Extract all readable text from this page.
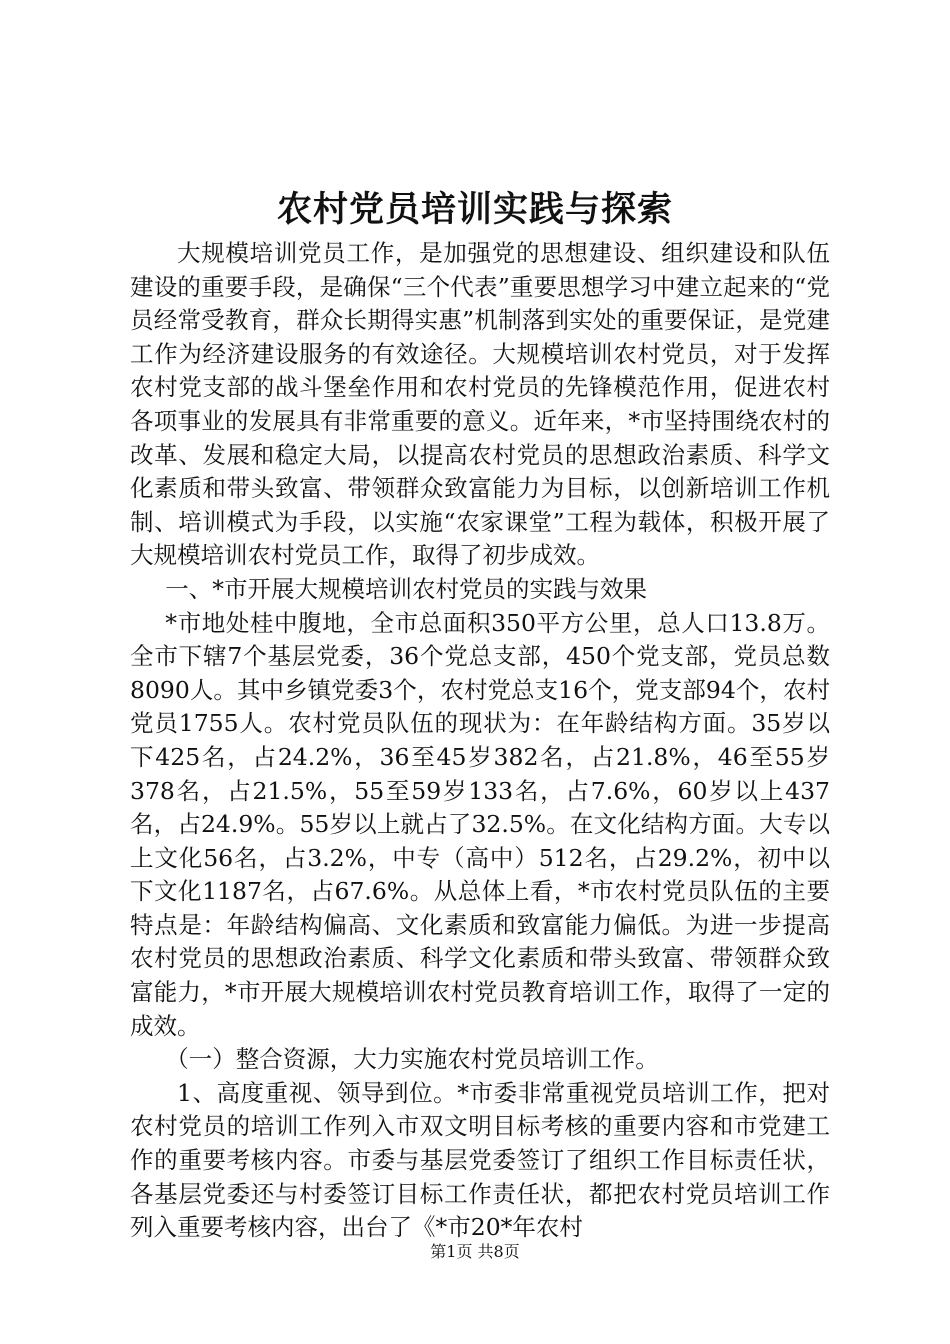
农村党员培训实践与探索

大规模培训党员工作，是加强党的思想建设、组织建设和队伍建设的重要手段，是确保“三个代表”重要思想学习中建立起来的“党员经常受教育，群众长期得实惠”机制落到实处的重要保证，是党建工作为经济建设服务的有效途径。大规模培训农村党员，对于发挥农村党支部的战斗堡垒作用和农村党员的先锋模范作用，促进农村各项事业的发展具有非常重要的意义。近年来，*市坚持围绕农村的改革、发展和稳定大局，以提高农村党员的思想政治素质、科学文化素质和带头致富、带领群众致富能力为目标，以创新培训工作机制、培训模式为手段，以实施“农家课堂”工程为载体，积极开展了大规模培训农村党员工作，取得了初步成效。

一、*市开展大规模培训农村党员的实践与效果

*市地处桂中腹地，全市总面积350平方公里，总人口13.8万。全市下辖7个基层党委，36个党总支部，450个党支部，党员总数8090人。其中乡镇党委3个，农村党总支16个，党支部94个，农村党员1755人。农村党员队伍的现状为：在年龄结构方面。35岁以下425名，占24.2%，36至45岁382名，占21.8%，46至55岁378名，占21.5%，55至59岁133名，占7.6%，60岁以上437名，占24.9%。55岁以上就占了32.5%。在文化结构方面。大专以上文化56名，占3.2%，中专（高中）512名，占29.2%，初中以下文化1187名，占67.6%。从总体上看，*市农村党员队伍的主要特点是：年龄结构偏高、文化素质和致富能力偏低。为进一步提高农村党员的思想政治素质、科学文化素质和带头致富、带领群众致富能力，*市开展大规模培训农村党员教育培训工作，取得了一定的成效。

（一）整合资源，大力实施农村党员培训工作。

1、高度重视、领导到位。*市委非常重视党员培训工作，把对农村党员的培训工作列入市双文明目标考核的重要内容和市党建工作的重要考核内容。市委与基层党委签订了组织工作目标责任状，各基层党委还与村委签订目标工作责任状，都把农村党员培训工作列入重要考核内容，出台了《*市20*年农村

第1页 共8页
